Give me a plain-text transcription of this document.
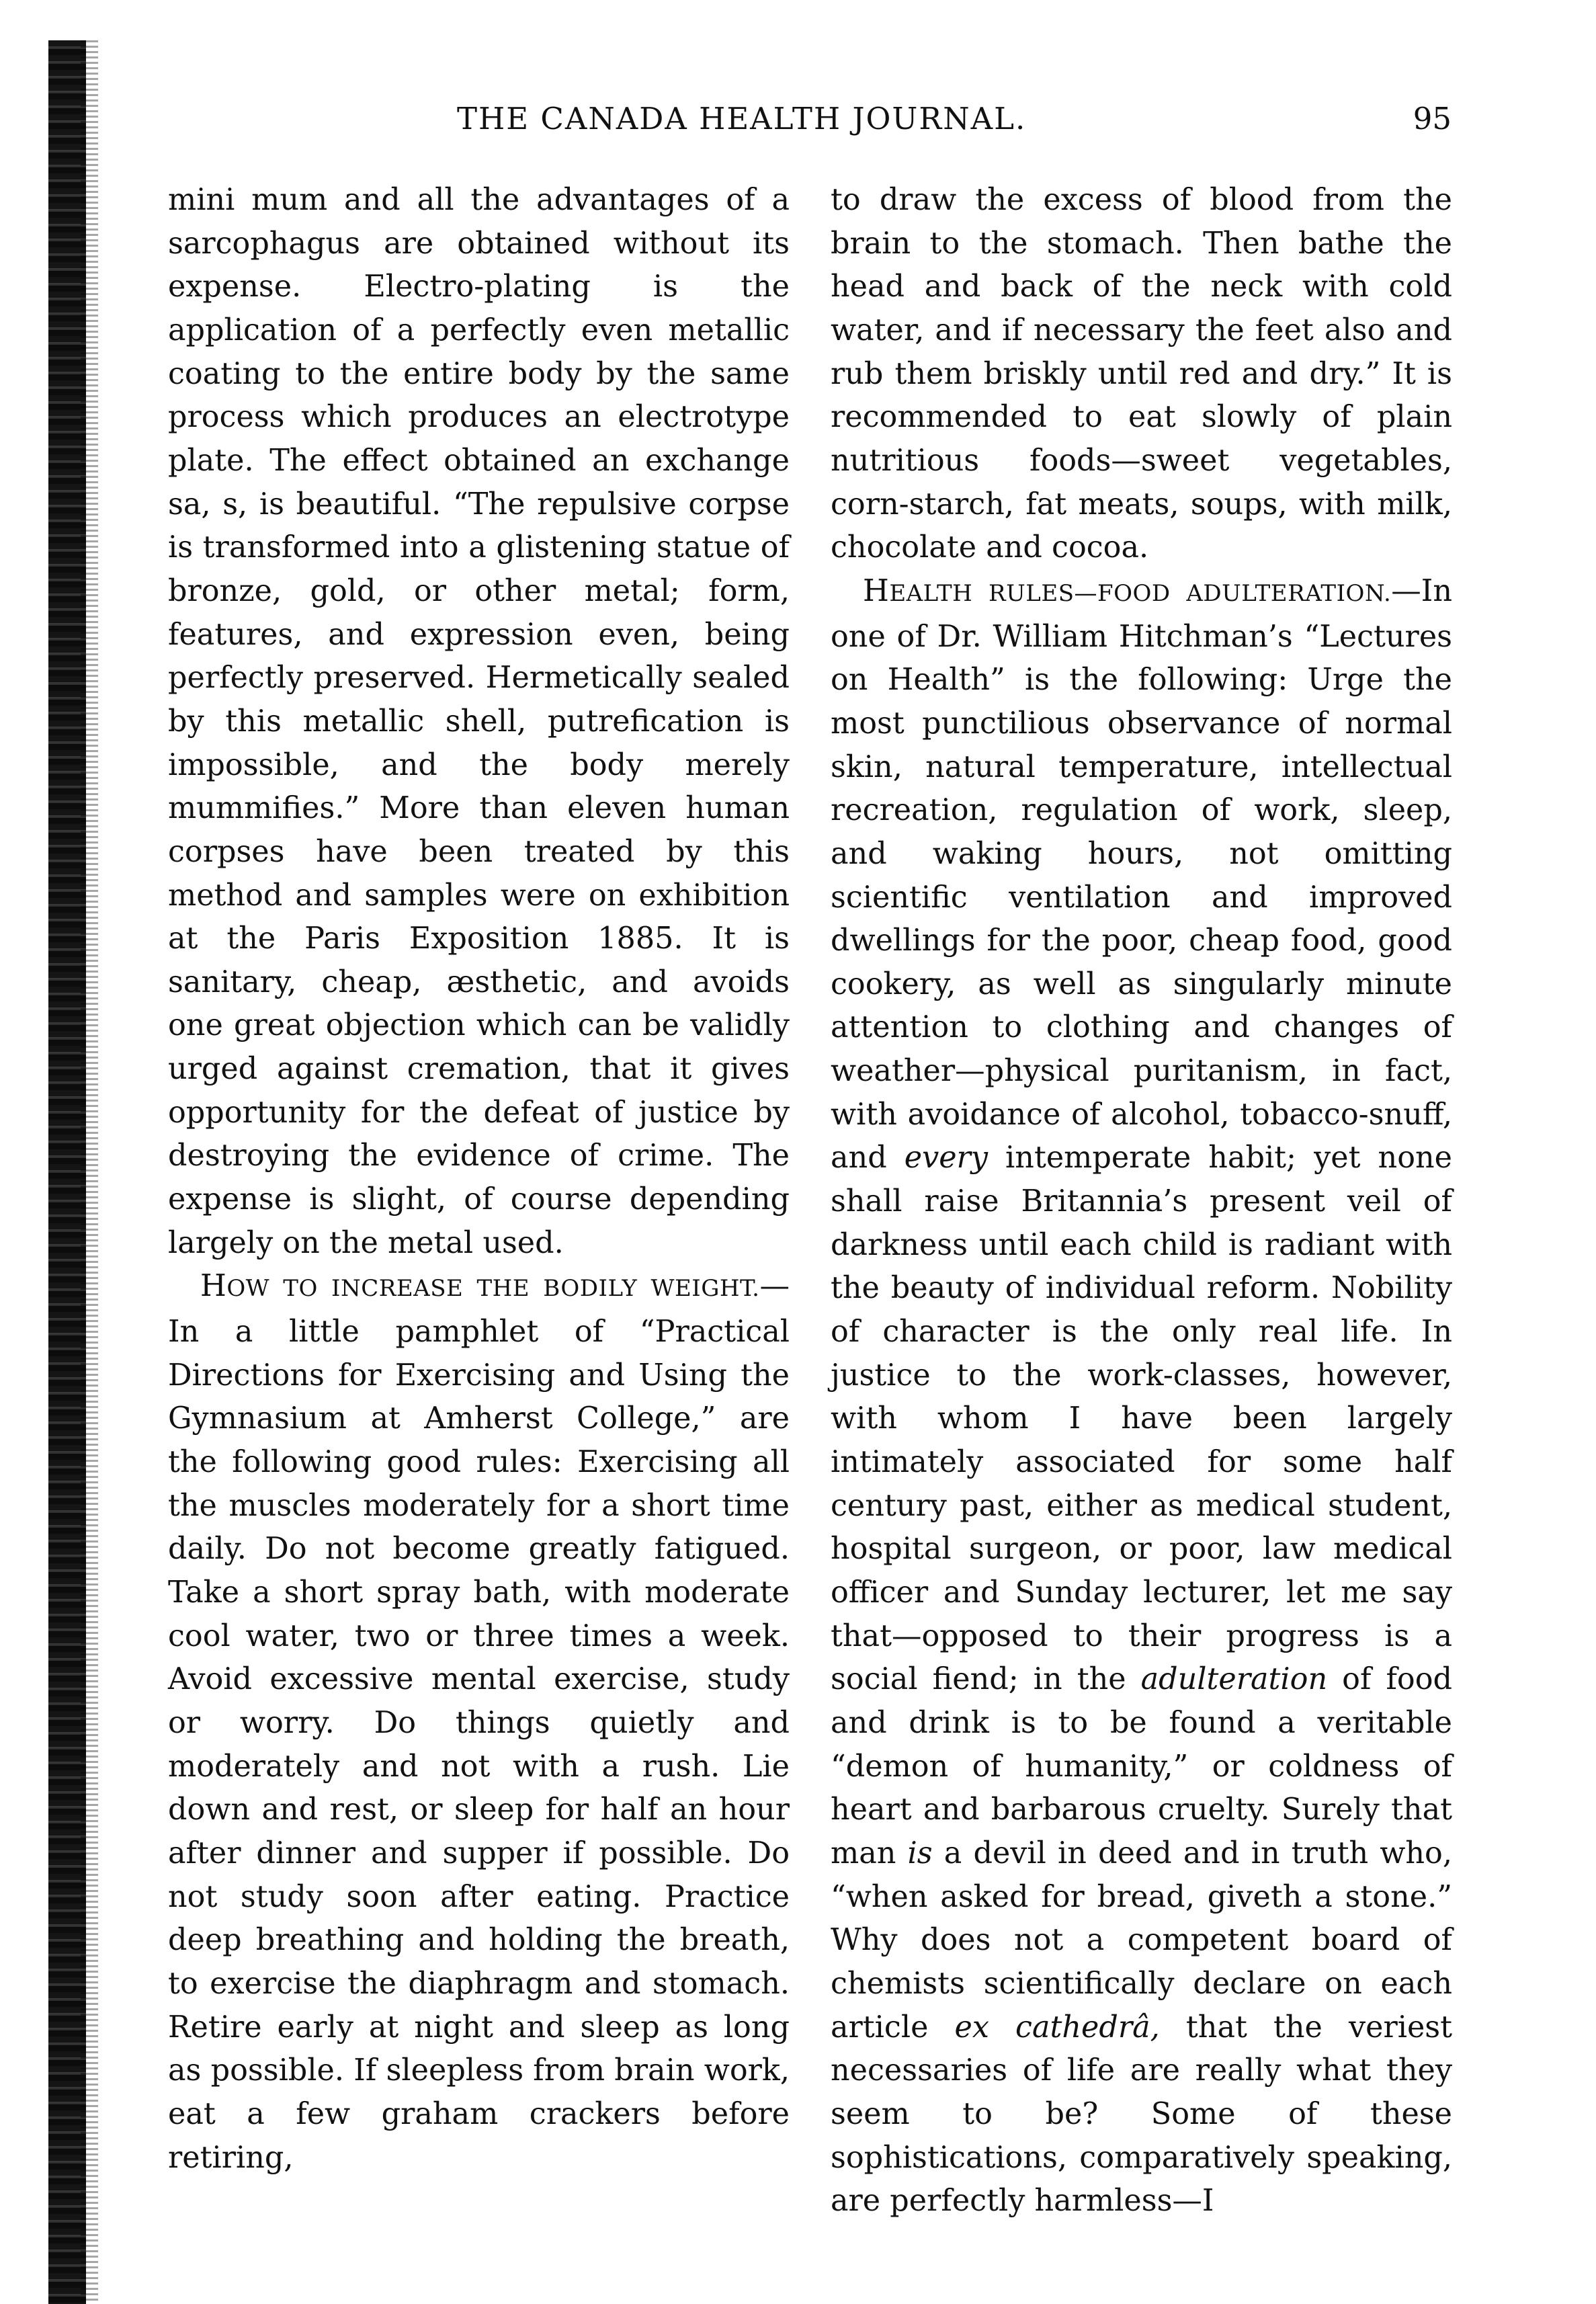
THE CANADA HEALTH JOURNAL.	95

mini mum and all the advantages of a sarcophagus are obtained without its expense. Electro-plating is the application of a perfectly even metallic coating to the entire body by the same process which produces an electrotype plate. The effect obtained an exchange sa, s, is beautiful. “The repulsive corpse is transformed into a glistening statue of bronze, gold, or other metal; form, features, and expression even, being perfectly preserved. Hermetically sealed by this metallic shell, putrefication is impossible, and the body merely mummifies.” More than eleven human corpses have been treated by this method and samples were on exhibition at the Paris Exposition 1885. It is sanitary, cheap, æsthetic, and avoids one great objection which can be validly urged against cremation, that it gives opportunity for the defeat of justice by destroying the evidence of crime. The expense is slight, of course depending largely on the metal used.

HOW TO INCREASE THE BODILY WEIGHT.—In a little pamphlet of “Practical Directions for Exercising and Using the Gymnasium at Amherst College,” are the following good rules: Exercising all the muscles moderately for a short time daily. Do not become greatly fatigued. Take a short spray bath, with moderate cool water, two or three times a week. Avoid excessive mental exercise, study or worry. Do things quietly and moderately and not with a rush. Lie down and rest, or sleep for half an hour after dinner and supper if possible. Do not study soon after eating. Practice deep breathing and holding the breath, to exercise the diaphragm and stomach. Retire early at night and sleep as long as possible. If sleepless from brain work, eat a few graham crackers before retiring,

to draw the excess of blood from the brain to the stomach. Then bathe the head and back of the neck with cold water, and if necessary the feet also and rub them briskly until red and dry.” It is recommended to eat slowly of plain nutritious foods—sweet vegetables, corn-starch, fat meats, soups, with milk, chocolate and cocoa.

HEALTH RULES—FOOD ADULTERATION.—In one of Dr. William Hitchman’s “Lectures on Health” is the following: Urge the most punctilious observance of normal skin, natural temperature, intellectual recreation, regulation of work, sleep, and waking hours, not omitting scientific ventilation and improved dwellings for the poor, cheap food, good cookery, as well as singularly minute attention to clothing and changes of weather—physical puritanism, in fact, with avoidance of alcohol, tobacco-snuff, and every intemperate habit; yet none shall raise Britannia’s present veil of darkness until each child is radiant with the beauty of individual reform. Nobility of character is the only real life. In justice to the work-classes, however, with whom I have been largely intimately associated for some half century past, either as medical student, hospital surgeon, or poor, law medical officer and Sunday lecturer, let me say that—opposed to their progress is a social fiend; in the adulteration of food and drink is to be found a veritable “demon of humanity,” or coldness of heart and barbarous cruelty. Surely that man is a devil in deed and in truth who, “when asked for bread, giveth a stone.” Why does not a competent board of chemists scientifically declare on each article ex cathedrâ, that the veriest necessaries of life are really what they seem to be? Some of these sophistications, comparatively speaking, are perfectly harmless—I
